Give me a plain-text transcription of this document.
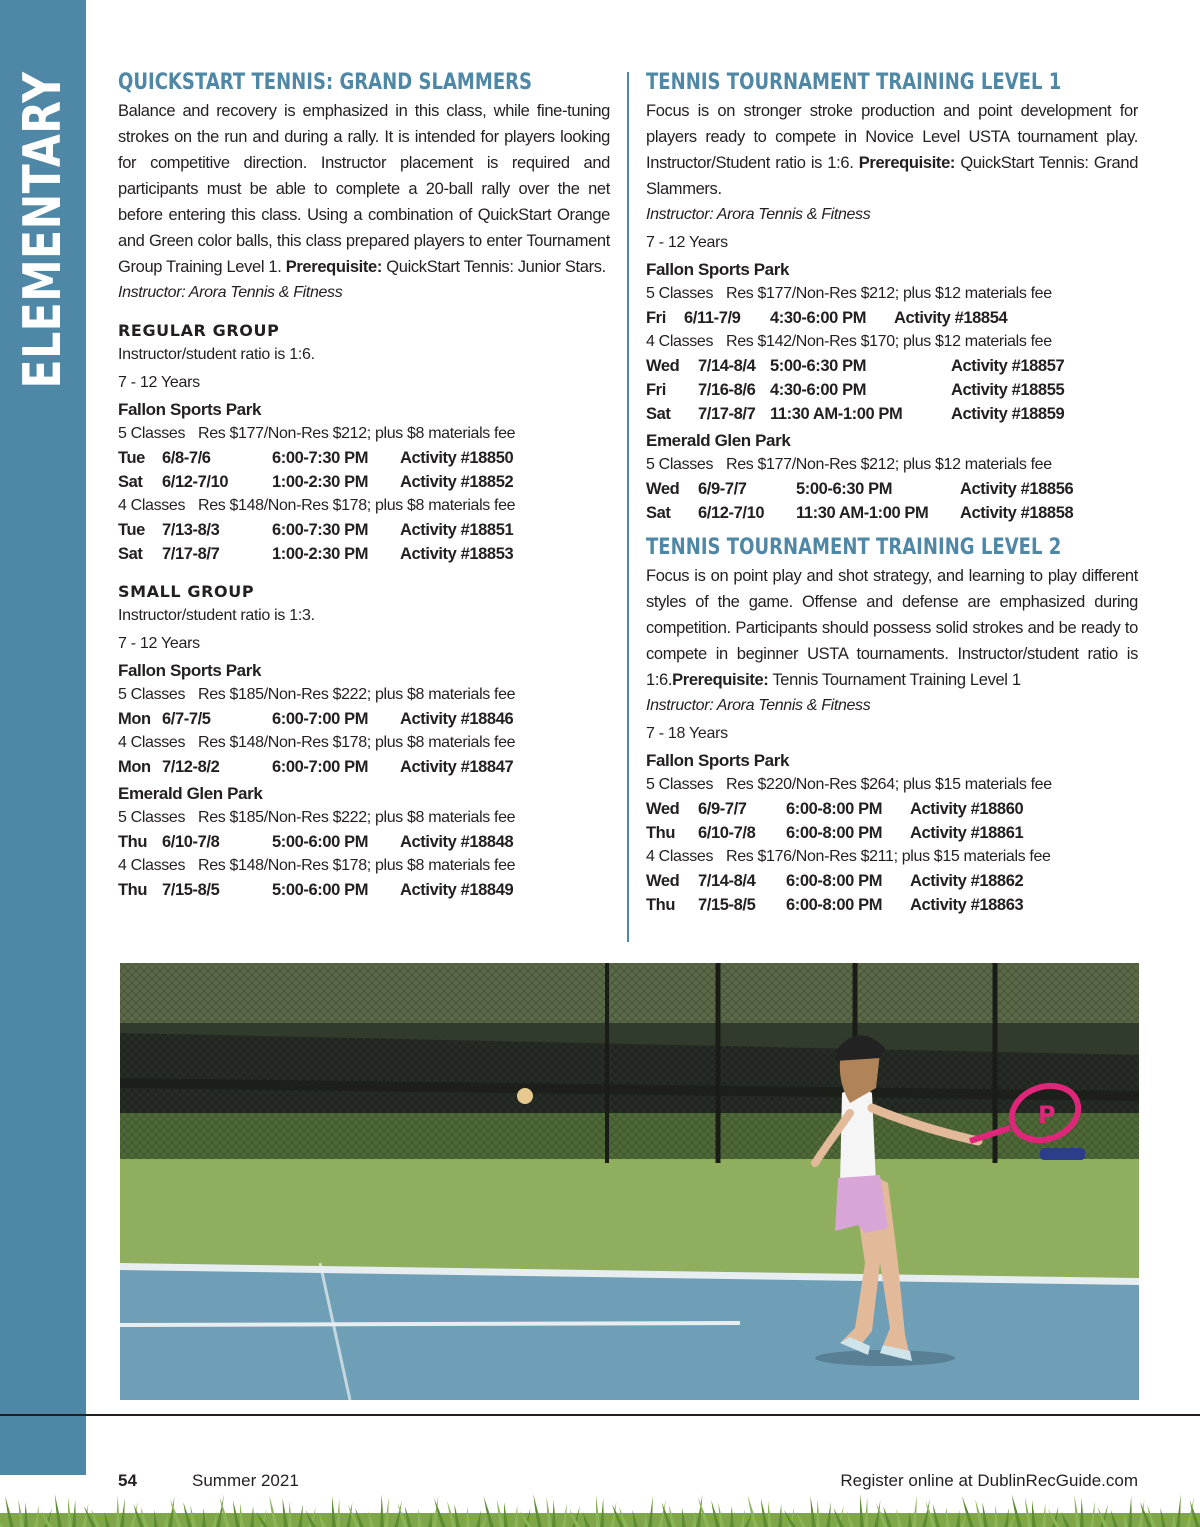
ELEMENTARY QUICKSTART TENNIS: GRAND SLAMMERS
Balance and recovery is emphasized in this class, while fine-tuning strokes on the run and during a rally. It is intended for players looking for competitive direction. Instructor placement is required and participants must be able to complete a 20-ball rally over the net before entering this class. Using a combination of QuickStart Orange and Green color balls, this class prepared players to enter Tournament Group Training Level 1. Prerequisite: QuickStart Tennis: Junior Stars.
Instructor: Arora Tennis & Fitness
REGULAR GROUP
Instructor/student ratio is 1:6.
7 - 12 Years
Fallon Sports Park
5 Classes Res $177/Non-Res $212; plus $8 materials fee
Tue	6/8-7/6	6:00-7:30 PM	Activity #18850
Sat	6/12-7/10	1:00-2:30 PM	Activity #18852
4 Classes Res $148/Non-Res $178; plus $8 materials fee
Tue	7/13-8/3	6:00-7:30 PM	Activity #18851
Sat	7/17-8/7	1:00-2:30 PM	Activity #18853
SMALL GROUP
Instructor/student ratio is 1:3.
7 - 12 Years
Fallon Sports Park
5 Classes Res $185/Non-Res $222; plus $8 materials fee
Mon 6/7-7/5	6:00-7:00 PM	Activity #18846
4 Classes Res $148/Non-Res $178; plus $8 materials fee
Mon 7/12-8/2	6:00-7:00 PM	Activity #18847
Emerald Glen Park
5 Classes Res $185/Non-Res $222; plus $8 materials fee
Thu 6/10-7/8	5:00-6:00 PM	Activity #18848
4 Classes Res $148/Non-Res $178; plus $8 materials fee
Thu 7/15-8/5	5:00-6:00 PM	Activity #18849
TENNIS TOURNAMENT TRAINING LEVEL 1
Focus is on stronger stroke production and point development for players ready to compete in Novice Level USTA tournament play. Instructor/Student ratio is 1:6. Prerequisite: QuickStart Tennis: Grand Slammers.
Instructor: Arora Tennis & Fitness
7 - 12 Years
Fallon Sports Park
5 Classes Res $177/Non-Res $212; plus $12 materials fee
Fri	6/11-7/9	4:30-6:00 PM	Activity #18854
4 Classes Res $142/Non-Res $170; plus $12 materials fee
Wed	7/14-8/4 5:00-6:30 PM	Activity #18857
Fri	7/16-8/6 4:30-6:00 PM	Activity #18855
Sat	7/17-8/7 11:30 AM-1:00 PM	Activity #18859
Emerald Glen Park
5 Classes Res $177/Non-Res $212; plus $12 materials fee
Wed	6/9-7/7	5:00-6:30 PM	Activity #18856
Sat	6/12-7/10	11:30 AM-1:00 PM	Activity #18858
TENNIS TOURNAMENT TRAINING LEVEL 2
Focus is on point play and shot strategy, and learning to play different styles of the game. Offense and defense are emphasized during competition. Participants should possess solid strokes and be ready to compete in beginner USTA tournaments. Instructor/student ratio is 1:6.Prerequisite: Tennis Tournament Training Level 1
Instructor: Arora Tennis & Fitness
7 - 18 Years
Fallon Sports Park
5 Classes Res $220/Non-Res $264; plus $15 materials fee
Wed	6/9-7/7	6:00-8:00 PM	Activity #18860
Thu	6/10-7/8	6:00-8:00 PM	Activity #18861
4 Classes Res $176/Non-Res $211; plus $15 materials fee
Wed	7/14-8/4	6:00-8:00 PM	Activity #18862
Thu	7/15-8/5	6:00-8:00 PM	Activity #18863
P
54	Summer 2021	Register online at DublinRecGuide.com
